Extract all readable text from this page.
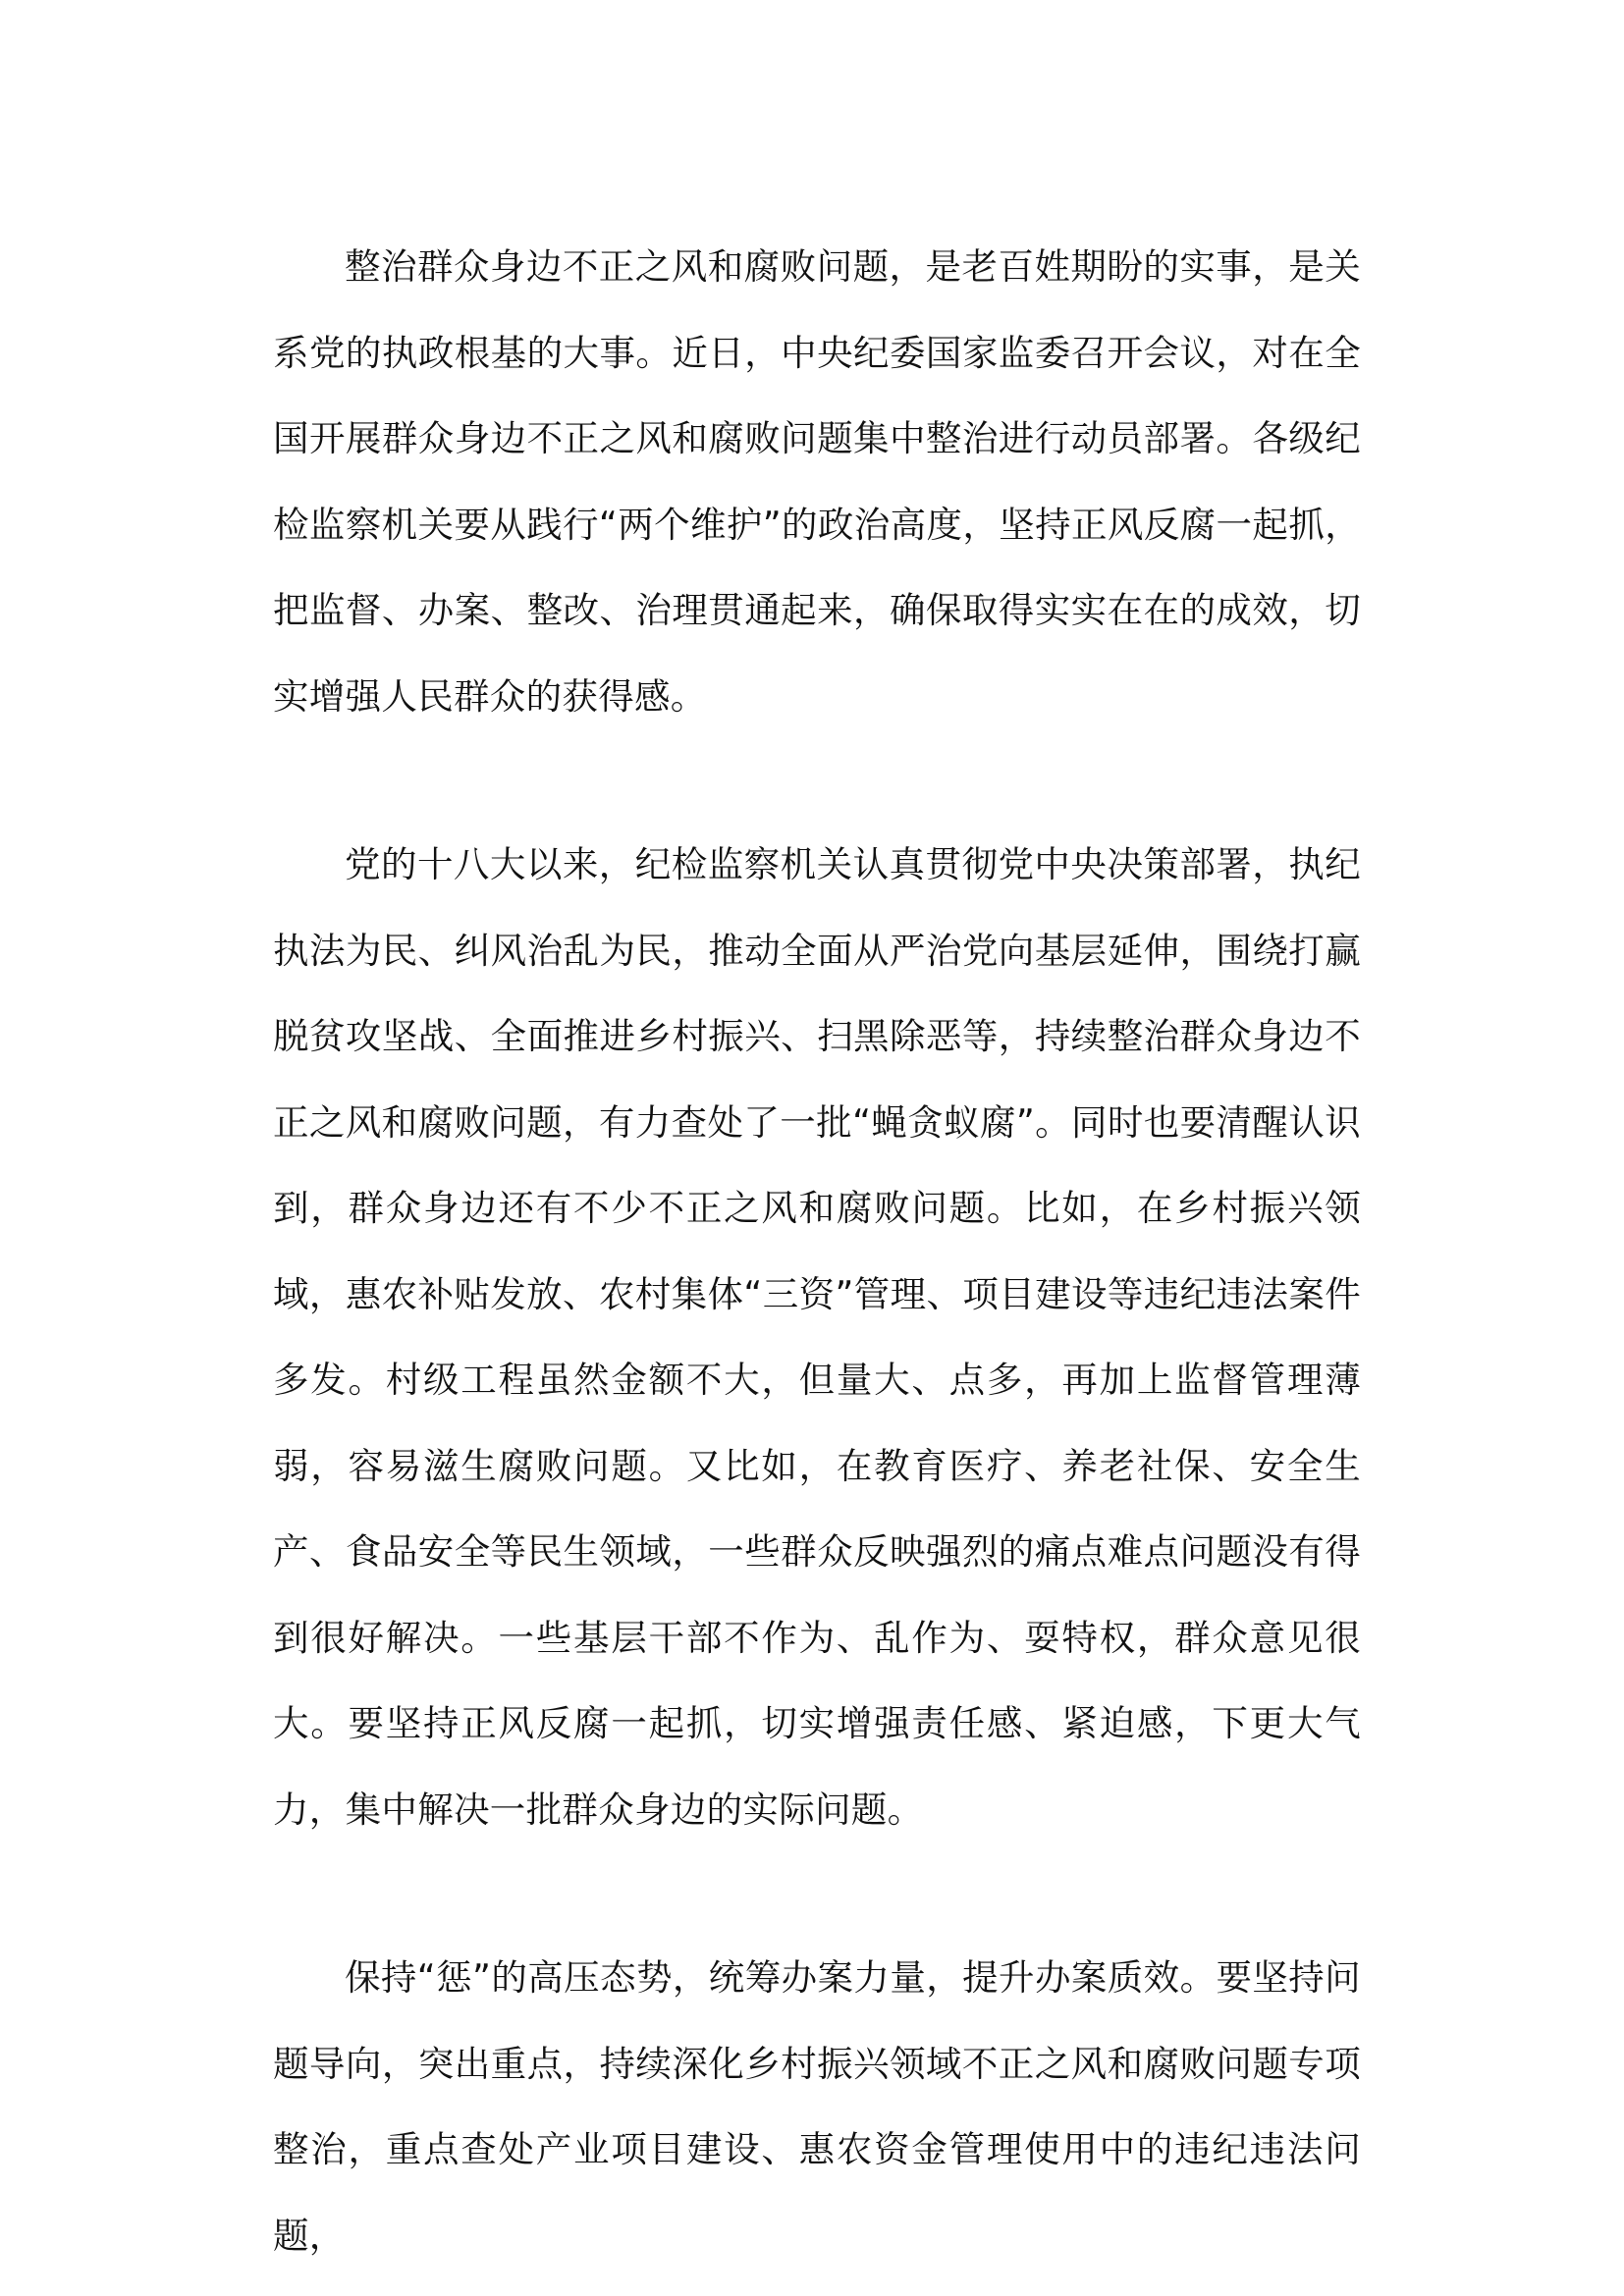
整治群众身边不正之风和腐败问题，是老百姓期盼的实事，是关系党的执政根基的大事。近日，中央纪委国家监委召开会议，对在全国开展群众身边不正之风和腐败问题集中整治进行动员部署。各级纪检监察机关要从践行“两个维护”的政治高度，坚持正风反腐一起抓，把监督、办案、整改、治理贯通起来，确保取得实实在在的成效，切实增强人民群众的获得感。

党的十八大以来，纪检监察机关认真贯彻党中央决策部署，执纪执法为民、纠风治乱为民，推动全面从严治党向基层延伸，围绕打赢脱贫攻坚战、全面推进乡村振兴、扫黑除恶等，持续整治群众身边不正之风和腐败问题，有力查处了一批“蝇贪蚁腐”。同时也要清醒认识到，群众身边还有不少不正之风和腐败问题。比如，在乡村振兴领域，惠农补贴发放、农村集体“三资”管理、项目建设等违纪违法案件多发。村级工程虽然金额不大，但量大、点多，再加上监督管理薄弱，容易滋生腐败问题。又比如，在教育医疗、养老社保、安全生产、食品安全等民生领域，一些群众反映强烈的痛点难点问题没有得到很好解决。一些基层干部不作为、乱作为、耍特权，群众意见很大。要坚持正风反腐一起抓，切实增强责任感、紧迫感，下更大气力，集中解决一批群众身边的实际问题。

保持“惩”的高压态势，统筹办案力量，提升办案质效。要坚持问题导向，突出重点，持续深化乡村振兴领域不正之风和腐败问题专项整治，重点查处产业项目建设、惠农资金管理使用中的违纪违法问题，
